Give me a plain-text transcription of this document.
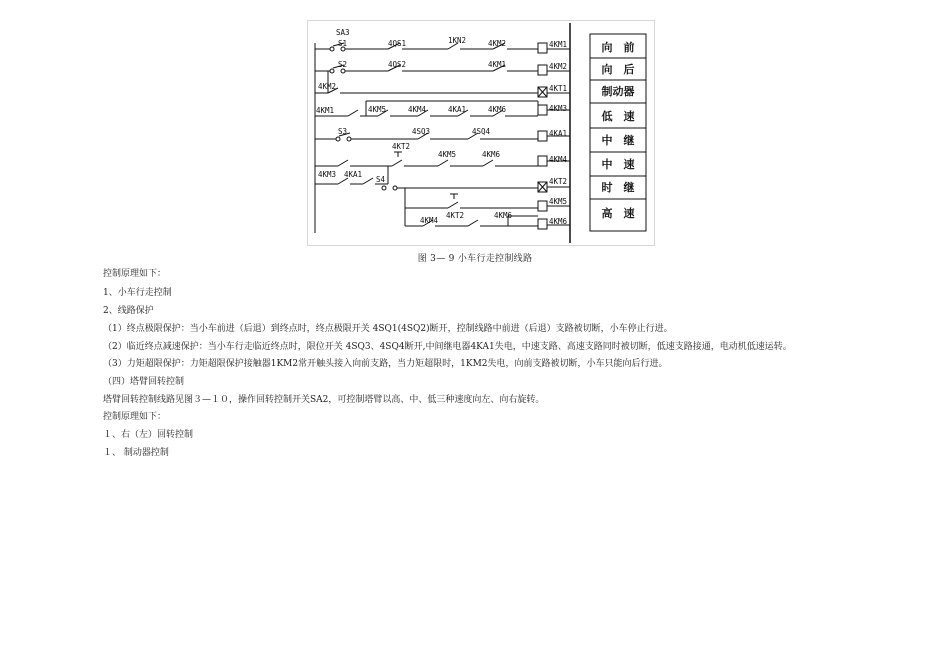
SA3
S1	4QS1	1KN2	4KM2	4KM1
S2	4QS2	4KM1	4KM2
4KM2	4KT1
4KM1	4KM5	4KM4	4KA1	4KM6	4KM3
S3	4SQ3	4SQ4	4KA1
4KT2
4KM5	4KM6
4KM4
4KM3 4KA1
S4	4KT2
4KM5
4KM4
4KT2	4KM6
4KM6
向　前
向　后
制动器
低　速
中　继
中　速
时　继
高　速
图 3— 9 小车行走控制线路
控制原理如下：
1、小车行走控制
2、线路保护
（1）终点极限保护：当小车前进（后退）到终点时，终点极限开关 4SQ1(4SQ2)断开，控制线路中前进（后退）支路被切断，小车停止行进。
（2）临近终点减速保护：当小车行走临近终点时，限位开关 4SQ3、4SQ4断开,中间继电器4KA1失电，中速支路、高速支路同时被切断，低速支路接通，电动机低速运转。
（3）力矩超限保护：力矩超限保护接触器1KM2常开触头接入向前支路，当力矩超限时，1KM2失电，向前支路被切断，小车只能向后行进。
（四）塔臂回转控制
塔臂回转控制线路见图３—１０，操作回转控制开关SA2，可控制塔臂以高、中、低三种速度向左、向右旋转。
控制原理如下：
１、右（左）回转控制
１、 制动器控制
